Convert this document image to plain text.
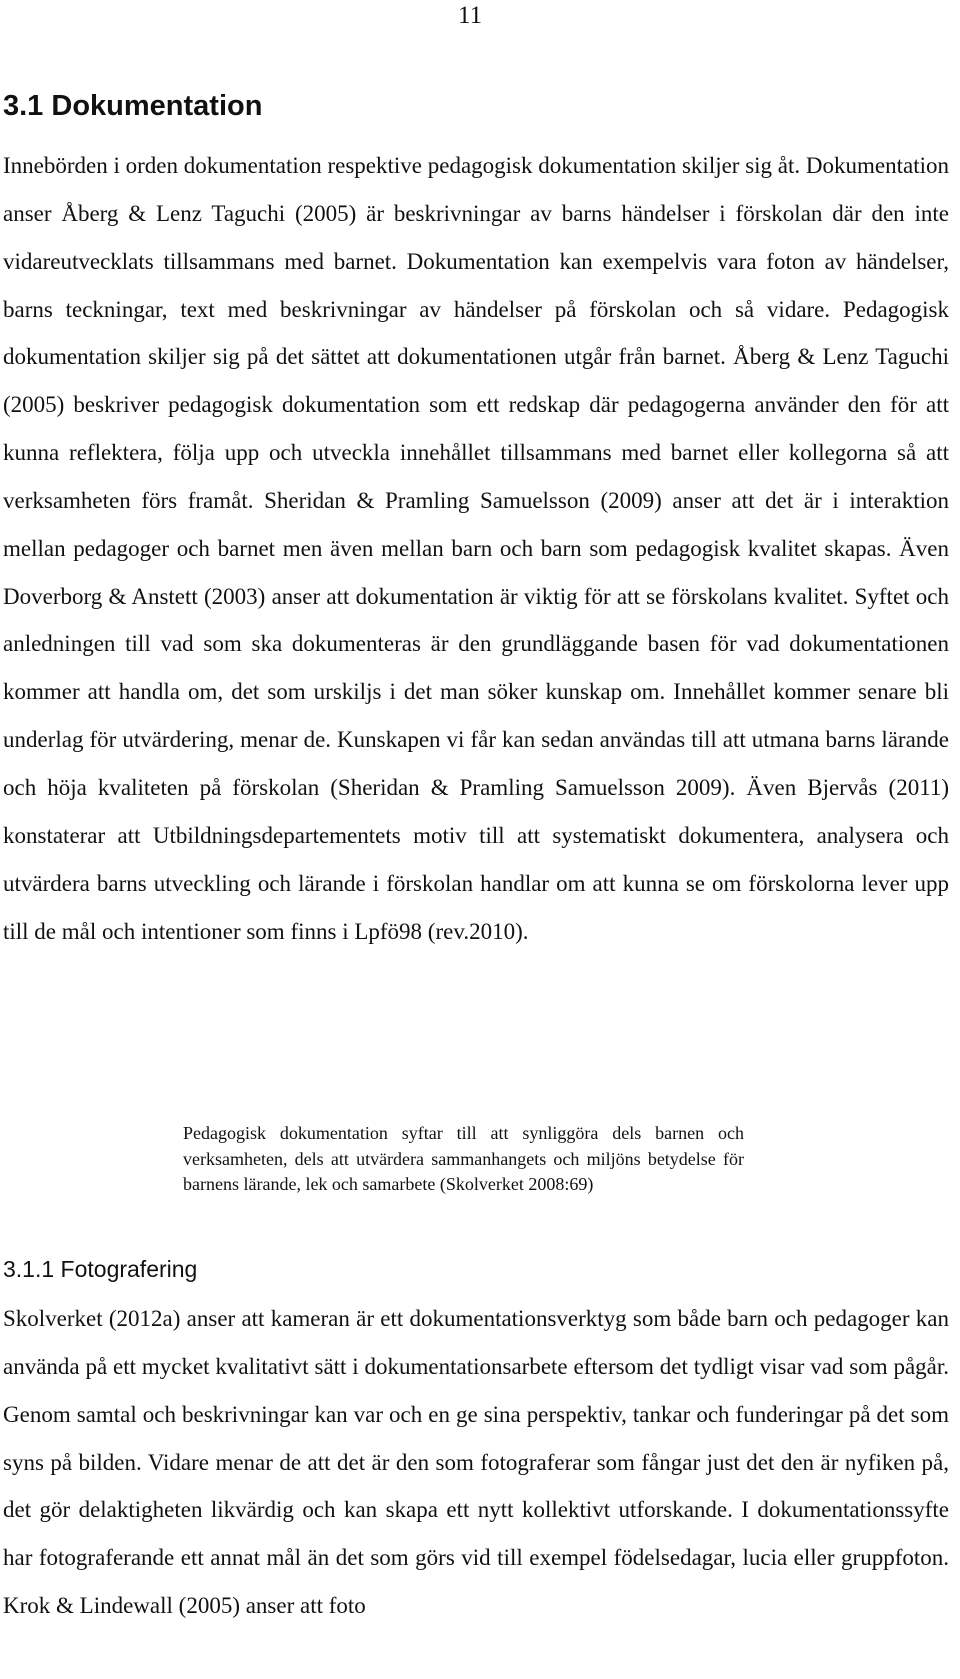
11
3.1 Dokumentation

Innebörden i orden dokumentation respektive pedagogisk dokumentation skiljer sig åt. Dokumentation anser Åberg & Lenz Taguchi (2005) är beskrivningar av barns händelser i förskolan där den inte vidareutvecklats tillsammans med barnet. Dokumentation kan exempelvis vara foton av händelser, barns teckningar, text med beskrivningar av händelser på förskolan och så vidare. Pedagogisk dokumentation skiljer sig på det sättet att dokumentationen utgår från barnet. Åberg & Lenz Taguchi (2005) beskriver pedagogisk dokumentation som ett redskap där pedagogerna använder den för att kunna reflektera, följa upp och utveckla innehållet tillsammans med barnet eller kollegorna så att verksamheten förs framåt. Sheridan & Pramling Samuelsson (2009) anser att det är i interaktion mellan pedagoger och barnet men även mellan barn och barn som pedagogisk kvalitet skapas. Även Doverborg & Anstett (2003) anser att dokumentation är viktig för att se förskolans kvalitet. Syftet och anledningen till vad som ska dokumenteras är den grundläggande basen för vad dokumentationen kommer att handla om, det som urskiljs i det man söker kunskap om. Innehållet kommer senare bli underlag för utvärdering, menar de. Kunskapen vi får kan sedan användas till att utmana barns lärande och höja kvaliteten på förskolan (Sheridan & Pramling Samuelsson 2009). Även Bjervås (2011) konstaterar att Utbildningsdepartementets motiv till att systematiskt dokumentera, analysera och utvärdera barns utveckling och lärande i förskolan handlar om att kunna se om förskolorna lever upp till de mål och intentioner som finns i Lpfö98 (rev.2010).

Pedagogisk dokumentation syftar till att synliggöra dels barnen och verksamheten, dels att utvärdera sammanhangets och miljöns betydelse för barnens lärande, lek och samarbete (Skolverket 2008:69)
3.1.1 Fotografering

Skolverket (2012a) anser att kameran är ett dokumentationsverktyg som både barn och pedagoger kan använda på ett mycket kvalitativt sätt i dokumentationsarbete eftersom det tydligt visar vad som pågår. Genom samtal och beskrivningar kan var och en ge sina perspektiv, tankar och funderingar på det som syns på bilden. Vidare menar de att det är den som fotograferar som fångar just det den är nyfiken på, det gör delaktigheten likvärdig och kan skapa ett nytt kollektivt utforskande. I dokumentationssyfte har fotograferande ett annat mål än det som görs vid till exempel födelsedagar, lucia eller gruppfoton. Krok & Lindewall (2005) anser att foto
